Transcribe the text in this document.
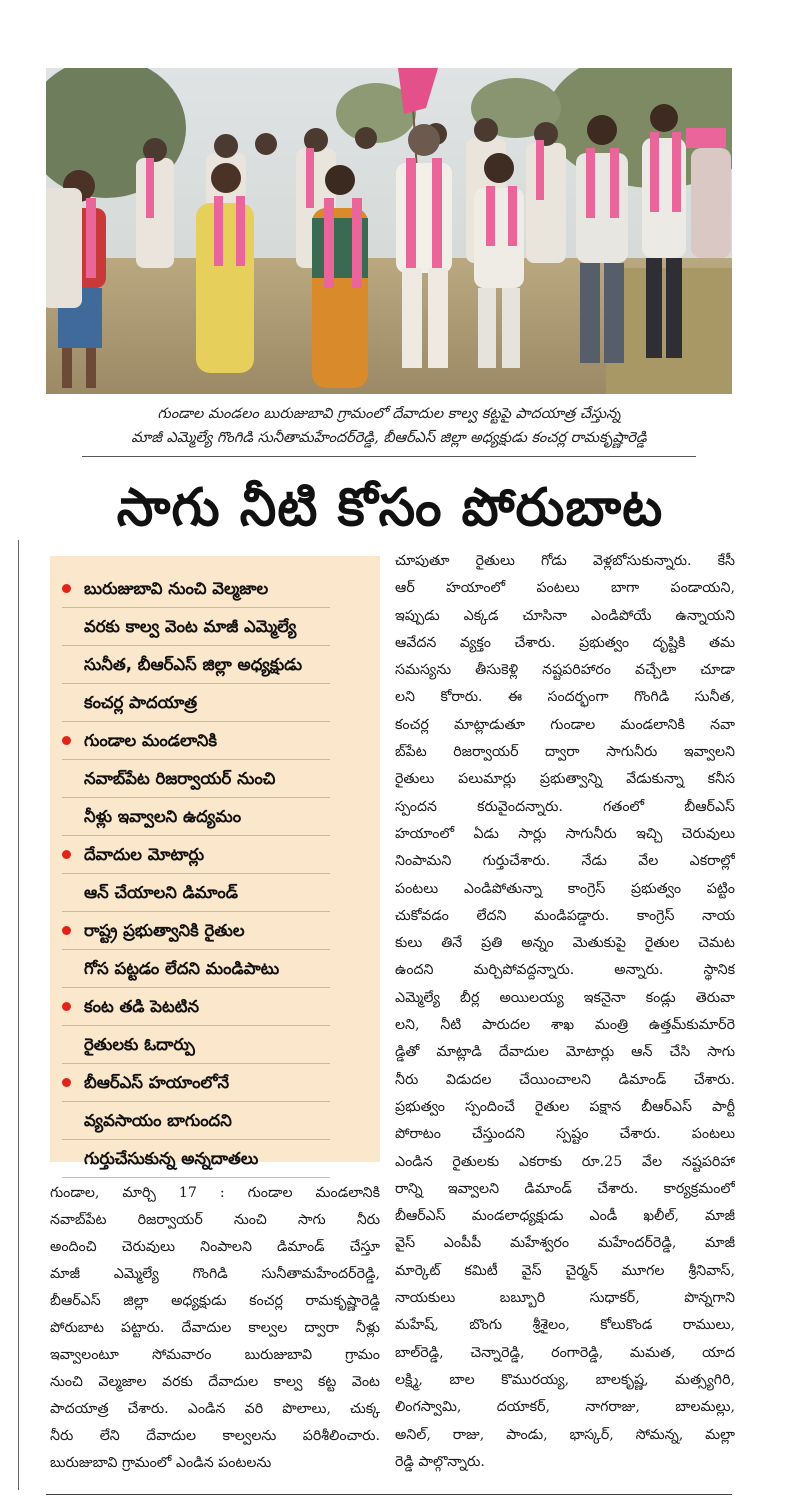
గుండాల మండలం బురుజుబావి గ్రామంలో దేవాదుల కాల్వ కట్టపై పాదయాత్ర చేస్తున్న
మాజీ ఎమ్మెల్యే గొంగిడి సునీతామహేందర్‌రెడ్డి, బీఆర్‌ఎస్ జిల్లా అధ్యక్షుడు కంచర్ల రామకృష్ణారెడ్డి
సాగు నీటి కోసం పోరుబాట
బురుజుబావి నుంచి వెల్మజాల
వరకు కాల్వ వెంట మాజీ ఎమ్మెల్యే
సునీత, బీఆర్ఎస్ జిల్లా అధ్యక్షుడు
కంచర్ల పాదయాత్ర
గుండాల మండలానికి
నవాబ్‌పేట రిజర్వాయర్ నుంచి
నీళ్లు ఇవ్వాలని ఉద్యమం
దేవాదుల మోటార్లు
ఆన్ చేయాలని డిమాండ్
రాష్ట్ర ప్రభుత్వానికి రైతుల
గోస పట్టడం లేదని మండిపాటు
కంట తడి పెటటిన
రైతులకు ఓదార్పు
బీఆర్ఎస్ హయాంలోనే
వ్యవసాయం బాగుందని
గుర్తుచేసుకున్న అన్నదాతలు
గుండాల, మార్చి 17 : గుండాల మండలానికి
నవాబ్‌పేట రిజర్వాయర్ నుంచి సాగు నీరు
అందించి చెరువులు నింపాలని డిమాండ్ చేస్తూ
మాజీ ఎమ్మెల్యే గొంగిడి సునీతామహేందర్‌రెడ్డి,
బీఆర్‌ఎస్ జిల్లా అధ్యక్షుడు కంచర్ల రామకృష్ణారెడ్డి
పోరుబాట పట్టారు. దేవాదుల కాల్వల ద్వారా నీళ్లు
ఇవ్వాలంటూ సోమవారం బురుజుబావి గ్రామం
నుంచి వెల్మజాల వరకు దేవాదుల కాల్వ కట్ట వెంట
పాదయాత్ర చేశారు. ఎండిన వరి పొలాలు, చుక్క
నీరు లేని దేవాదుల కాల్వలను పరిశీలించారు.
బురుజుబావి గ్రామంలో ఎండిన పంటలను
చూపుతూ రైతులు గోడు వెళ్లబోసుకున్నారు. కేసీ
ఆర్ హయాంలో పంటలు బాగా పండాయని,
ఇప్పుడు ఎక్కడ చూసినా ఎండిపోయే ఉన్నాయని
ఆవేదన వ్యక్తం చేశారు. ప్రభుత్వం దృష్టికి తమ
సమస్యను తీసుకెళ్లి నష్టపరిహారం వచ్చేలా చూడా
లని కోరారు. ఈ సందర్భంగా గొంగిడి సునీత,
కంచర్ల మాట్లాడుతూ గుండాల మండలానికి నవా
బ్‌పేట రిజర్వాయర్ ద్వారా సాగునీరు ఇవ్వాలని
రైతులు పలుమార్లు ప్రభుత్వాన్ని వేడుకున్నా కనీస
స్పందన కరువైందన్నారు. గతంలో బీఆర్‌ఎస్
హయాంలో ఏడు సార్లు సాగునీరు ఇచ్చి చెరువులు
నింపామని గుర్తుచేశారు. నేడు వేల ఎకరాల్లో
పంటలు ఎండిపోతున్నా కాంగ్రెస్ ప్రభుత్వం పట్టిం
చుకోవడం లేదని మండిపడ్డారు. కాంగ్రెస్ నాయ
కులు తినే ప్రతి అన్నం మెతుకుపై రైతుల చెమట
ఉందని మర్చిపోవద్దన్నారు. అన్నారు. స్థానిక
ఎమ్మెల్యే బీర్ల అయిలయ్య ఇకనైనా కండ్లు తెరువా
లని, నీటి పారుదల శాఖ మంత్రి ఉత్తమ్‌కుమార్‌రె
డ్డితో మాట్లాడి దేవాదుల మోటార్లు ఆన్ చేసి సాగు
నీరు విడుదల చేయించాలని డిమాండ్ చేశారు.
ప్రభుత్వం స్పందించే రైతుల పక్షాన బీఆర్‌ఎస్ పార్టీ
పోరాటం చేస్తుందని స్పష్టం చేశారు. పంటలు
ఎండిన రైతులకు ఎకరాకు రూ.25 వేల నష్టపరిహా
రాన్ని ఇవ్వాలని డిమాండ్ చేశారు. కార్యక్రమంలో
బీఆర్‌ఎస్ మండలాధ్యక్షుడు ఎండీ ఖలీల్, మాజీ
వైస్ ఎంపీపీ మహేశ్వరం మహేందర్‌రెడ్డి, మాజీ
మార్కెట్ కమిటీ వైస్ చైర్మన్ మూగల శ్రీనివాస్,
నాయకులు బబ్బూరి సుధాకర్, పొన్నగాని
మహేష్, బొంగు శ్రీశైలం, కోలుకొండ రాములు,
బాల్‌రెడ్డి, చెన్నారెడ్డి, రంగారెడ్డి, మమత, యాద
లక్ష్మి, బాల కొమురయ్య, బాలకృష్ణ, మత్స్యగిరి,
లింగస్వామి, దయాకర్, నాగరాజు, బాలమల్లు,
అనిల్, రాజు, పాండు, భాస్కర్, సోమన్న, మల్లా
రెడ్డి పాల్గొన్నారు.
